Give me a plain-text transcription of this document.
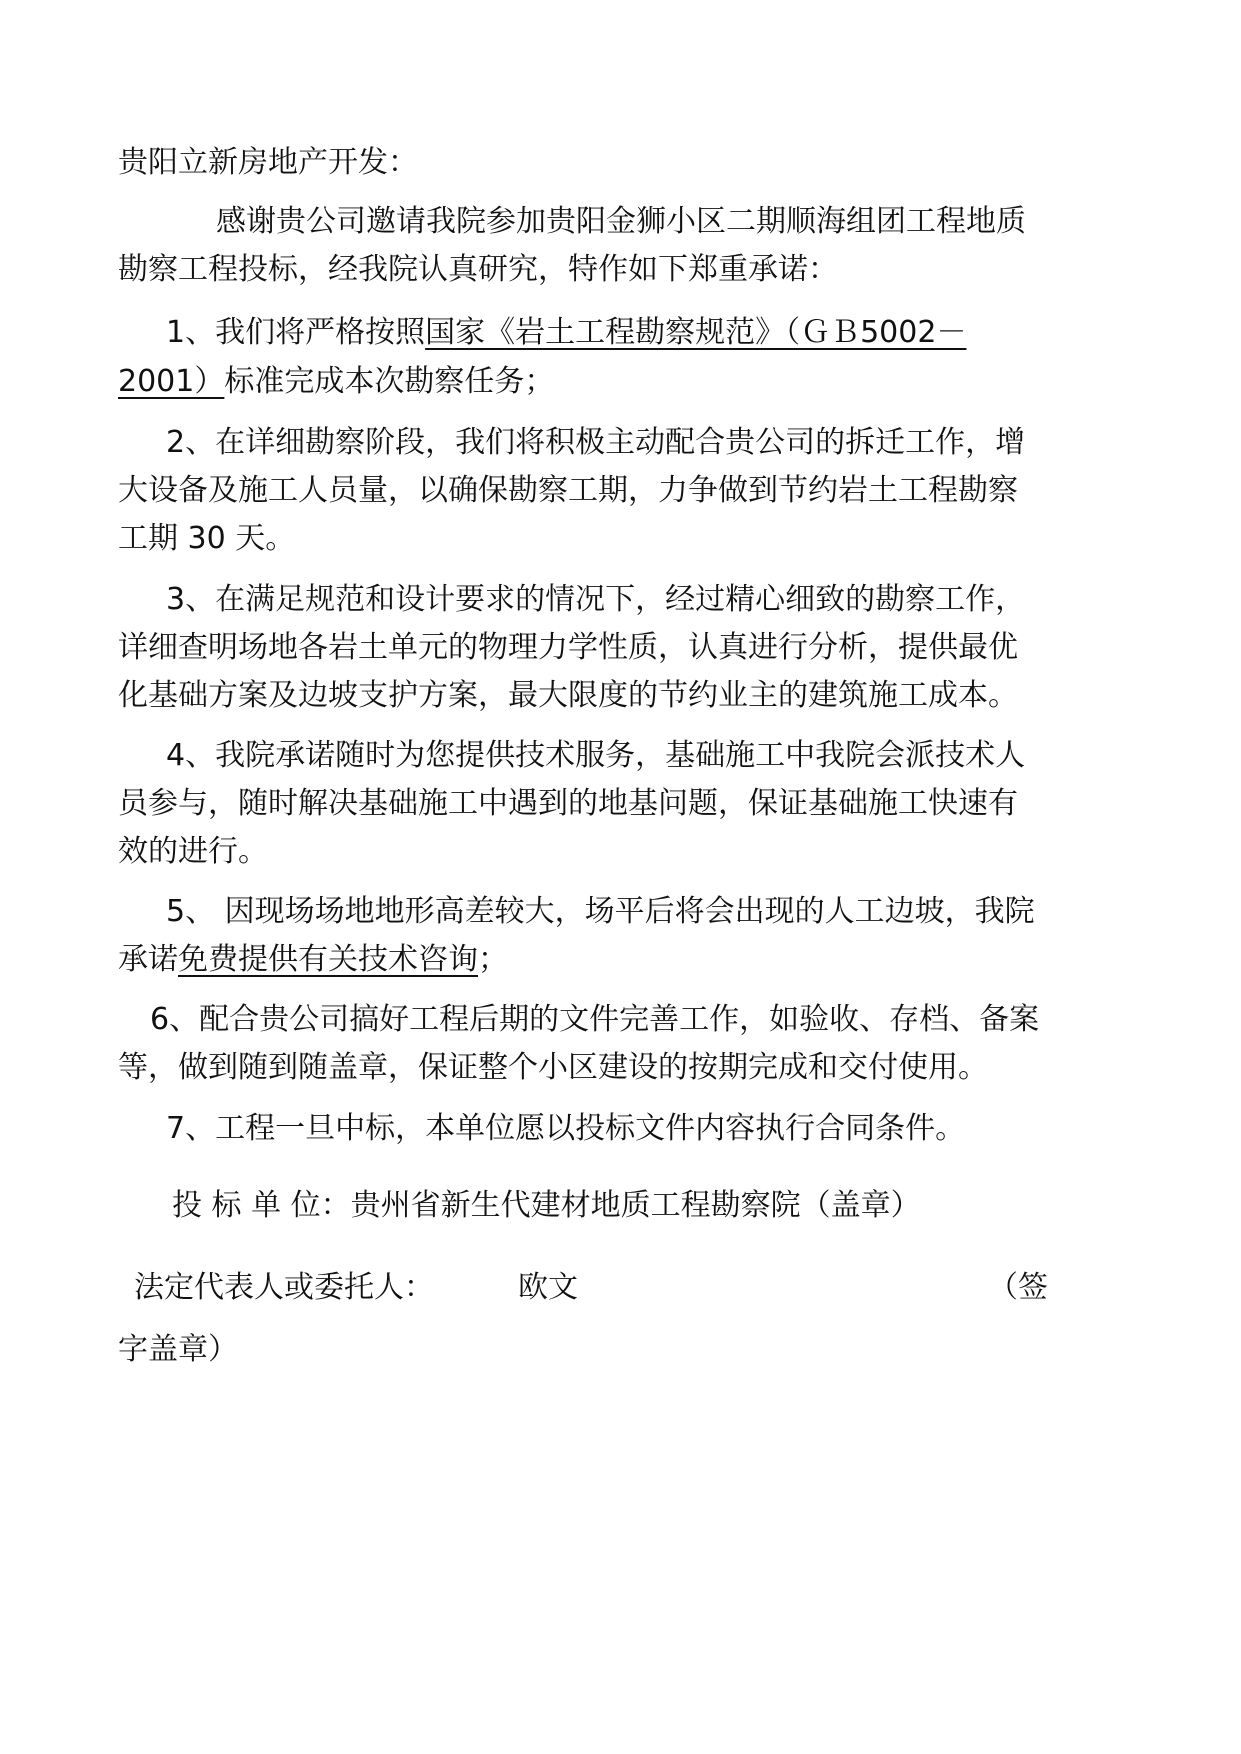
贵阳立新房地产开发：
感谢贵公司邀请我院参加贵阳金狮小区二期顺海组团工程地质
勘察工程投标，经我院认真研究，特作如下郑重承诺：
1、我们将严格按照国家《岩土工程勘察规范》（ＧＢ5002－
2001）标准完成本次勘察任务；
2、在详细勘察阶段，我们将积极主动配合贵公司的拆迁工作，增
大设备及施工人员量，以确保勘察工期，力争做到节约岩土工程勘察
工期 30 天。
3、在满足规范和设计要求的情况下，经过精心细致的勘察工作，
详细查明场地各岩土单元的物理力学性质，认真进行分析，提供最优
化基础方案及边坡支护方案，最大限度的节约业主的建筑施工成本。
4、我院承诺随时为您提供技术服务，基础施工中我院会派技术人
员参与，随时解决基础施工中遇到的地基问题，保证基础施工快速有
效的进行。
5、 因现场场地地形高差较大，场平后将会出现的人工边坡，我院
承诺免费提供有关技术咨询；
6、配合贵公司搞好工程后期的文件完善工作，如验收、存档、备案
等，做到随到随盖章，保证整个小区建设的按期完成和交付使用。
7、工程一旦中标，本单位愿以投标文件内容执行合同条件。
投 标 单 位：贵州省新生代建材地质工程勘察院（盖章）
法定代表人或委托人：	欧文	（签
字盖章）
